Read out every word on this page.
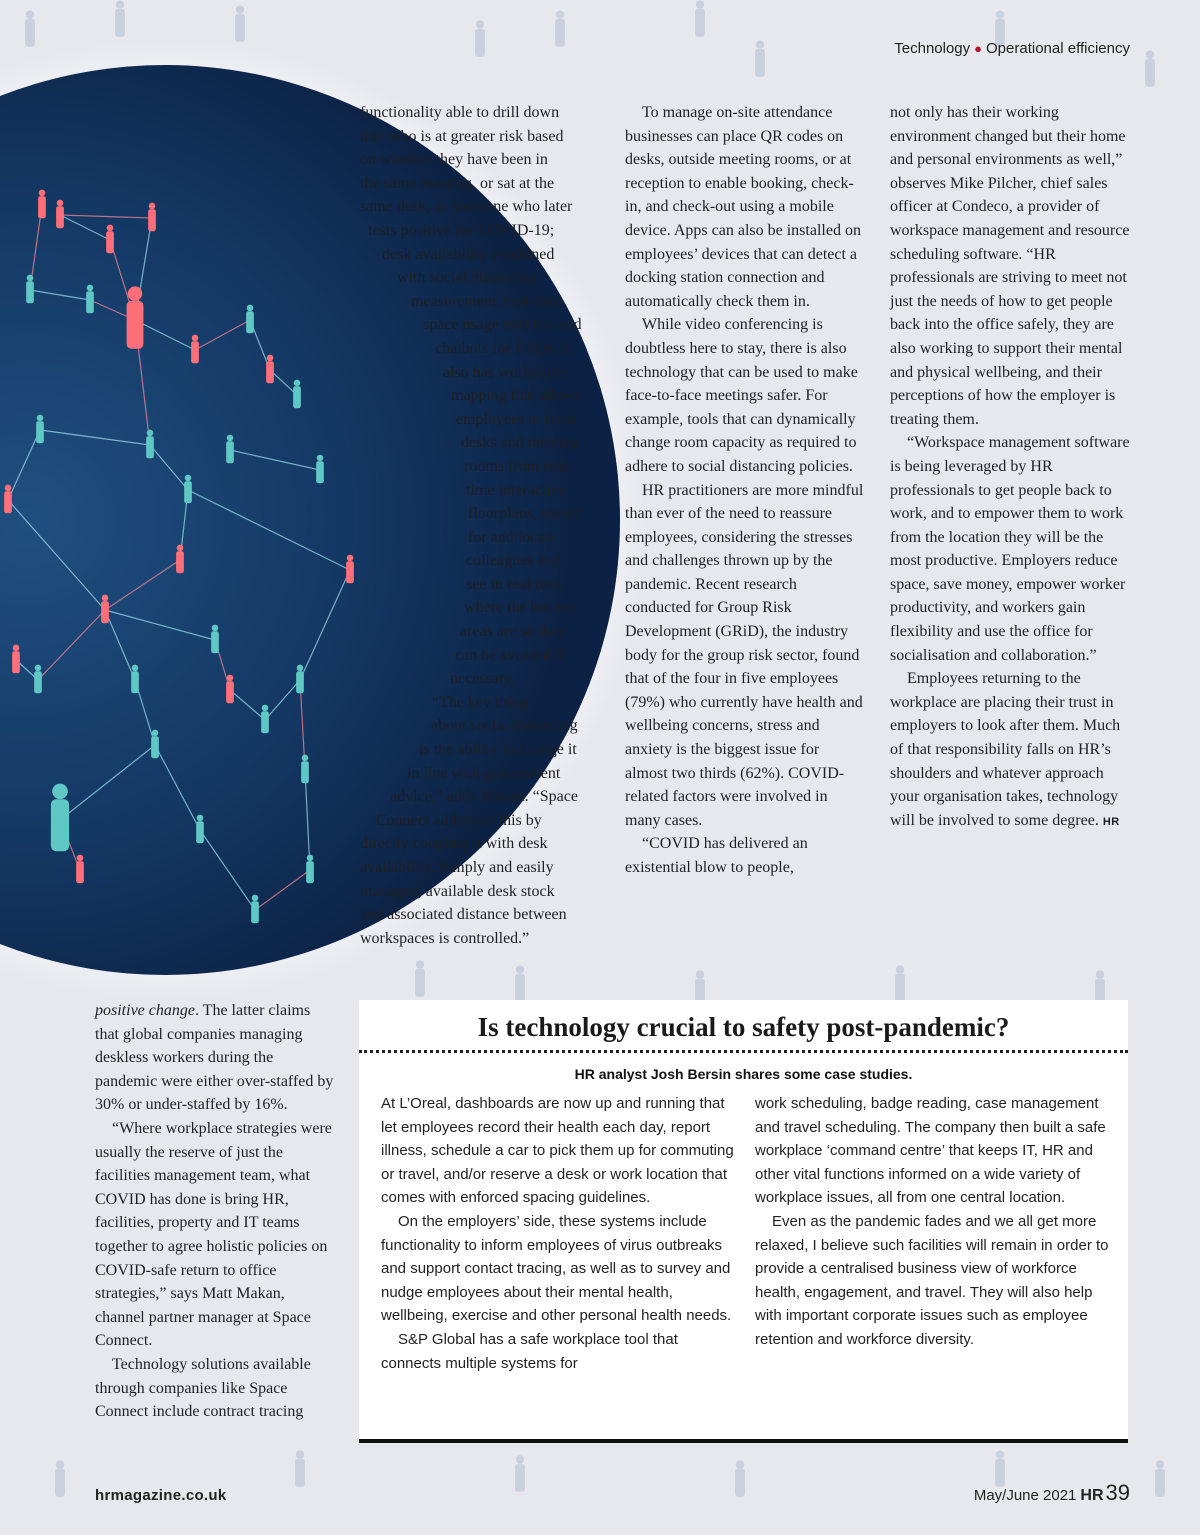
Technology ● Operational efficiency
functionality able to drill down
into who is at greater risk based
on whether they have been in
the same meeting, or sat at the
same desk, as someone who later
tests positive for COVID-19;
desk availability combined
with social distancing
measurement; real-time
space usage metrics; and
chatbots for FAQs. It
also has workplace
mapping that allows
employees to book
desks and meeting
rooms from real-
time interactive
floorplans, search
for and locate
colleagues and
see in real time
where the busiest
areas are so they
can be avoided if
necessary.
“The key thing
about social distancing
is the ability to change it
in line with government
advice,” adds Makan. “Space
Connect addresses this by
directly coupling it with desk
availability. Simply and easily
managed, available desk stock
and associated distance between
workspaces is controlled.”

To manage on-site attendance businesses can place QR codes on desks, outside meeting rooms, or at reception to enable booking, check-in, and check-out using a mobile device. Apps can also be installed on employees’ devices that can detect a docking station connection and automatically check them in.

While video conferencing is doubtless here to stay, there is also technology that can be used to make face-to-face meetings safer. For example, tools that can dynamically change room capacity as required to adhere to social distancing policies.

HR practitioners are more mindful than ever of the need to reassure employees, considering the stresses and challenges thrown up by the pandemic. Recent research conducted for Group Risk Development (GRiD), the industry body for the group risk sector, found that of the four in five employees (79%) who currently have health and wellbeing concerns, stress and anxiety is the biggest issue for almost two thirds (62%). COVID-related factors were involved in many cases.

“COVID has delivered an existential blow to people,

not only has their working environment changed but their home and personal environments as well,” observes Mike Pilcher, chief sales officer at Condeco, a provider of workspace management and resource scheduling software. “HR professionals are striving to meet not just the needs of how to get people back into the office safely, they are also working to support their mental and physical wellbeing, and their perceptions of how the employer is treating them.

“Workspace management software is being leveraged by HR professionals to get people back to work, and to empower them to work from the location they will be the most productive. Employers reduce space, save money, empower worker productivity, and workers gain flexibility and use the office for socialisation and collaboration.”

Employees returning to the workplace are placing their trust in employers to look after them. Much of that responsibility falls on HR’s shoulders and whatever approach your organisation takes, technology will be involved to some degree. HR

positive change. The latter claims that global companies managing deskless workers during the pandemic were either over-staffed by 30% or under-staffed by 16%.

“Where workplace strategies were usually the reserve of just the facilities management team, what COVID has done is bring HR, facilities, property and IT teams together to agree holistic policies on COVID-safe return to office strategies,” says Matt Makan, channel partner manager at Space Connect.

Technology solutions available through companies like Space Connect include contract tracing

Is technology crucial to safety post-pandemic?
HR analyst Josh Bersin shares some case studies.

At L’Oreal, dashboards are now up and running that let employees record their health each day, report illness, schedule a car to pick them up for commuting or travel, and/or reserve a desk or work location that comes with enforced spacing guidelines.

On the employers’ side, these systems include functionality to inform employees of virus outbreaks and support contact tracing, as well as to survey and nudge employees about their mental health, wellbeing, exercise and other personal health needs.

S&P Global has a safe workplace tool that connects multiple systems for

work scheduling, badge reading, case management and travel scheduling. The company then built a safe workplace ‘command centre’ that keeps IT, HR and other vital functions informed on a wide variety of workplace issues, all from one central location.

Even as the pandemic fades and we all get more relaxed, I believe such facilities will remain in order to provide a centralised business view of workforce health, engagement, and travel. They will also help with important corporate issues such as employee retention and workforce diversity.

hrmagazine.co.uk	May/June 2021 HR39
